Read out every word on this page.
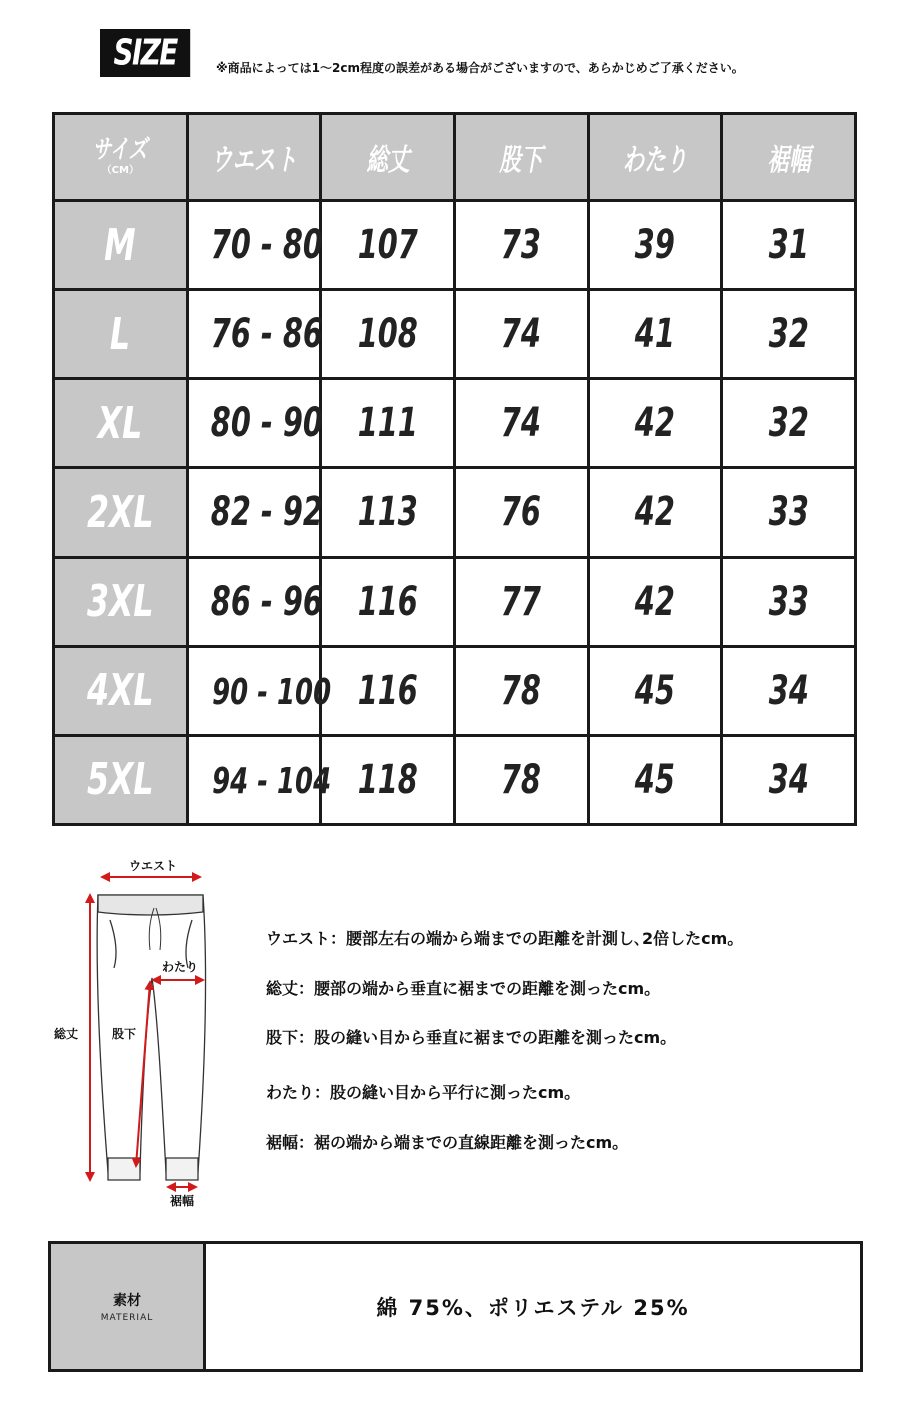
SIZE	※商品によっては1～2cm程度の誤差がある場合がございますので、あらかじめご了承ください。
サイズ
（CM）	ウエスト	総丈	股下	わたり	裾幅
M	70 - 80	107	73	39	31
L	76 - 86	108	74	41	32
XL	80 - 90	111	74	42	32
2XL	82 - 92	113	76	42	33
3XL	86 - 96	116	77	42	33
4XL	90 - 100	116	78	45	34
5XL	94 - 104	118	78	45	34
ウエスト
わたり
総丈	股下
裾幅
ウエスト：腰部左右の端から端までの距離を計測し､2倍したcm。
総丈：腰部の端から垂直に裾までの距離を測ったcm。
股下：股の縫い目から垂直に裾までの距離を測ったcm。
わたり：股の縫い目から平行に測ったcm。
裾幅：裾の端から端までの直線距離を測ったcm。
素材
MATERIAL	綿 75%、ポリエステル 25%
